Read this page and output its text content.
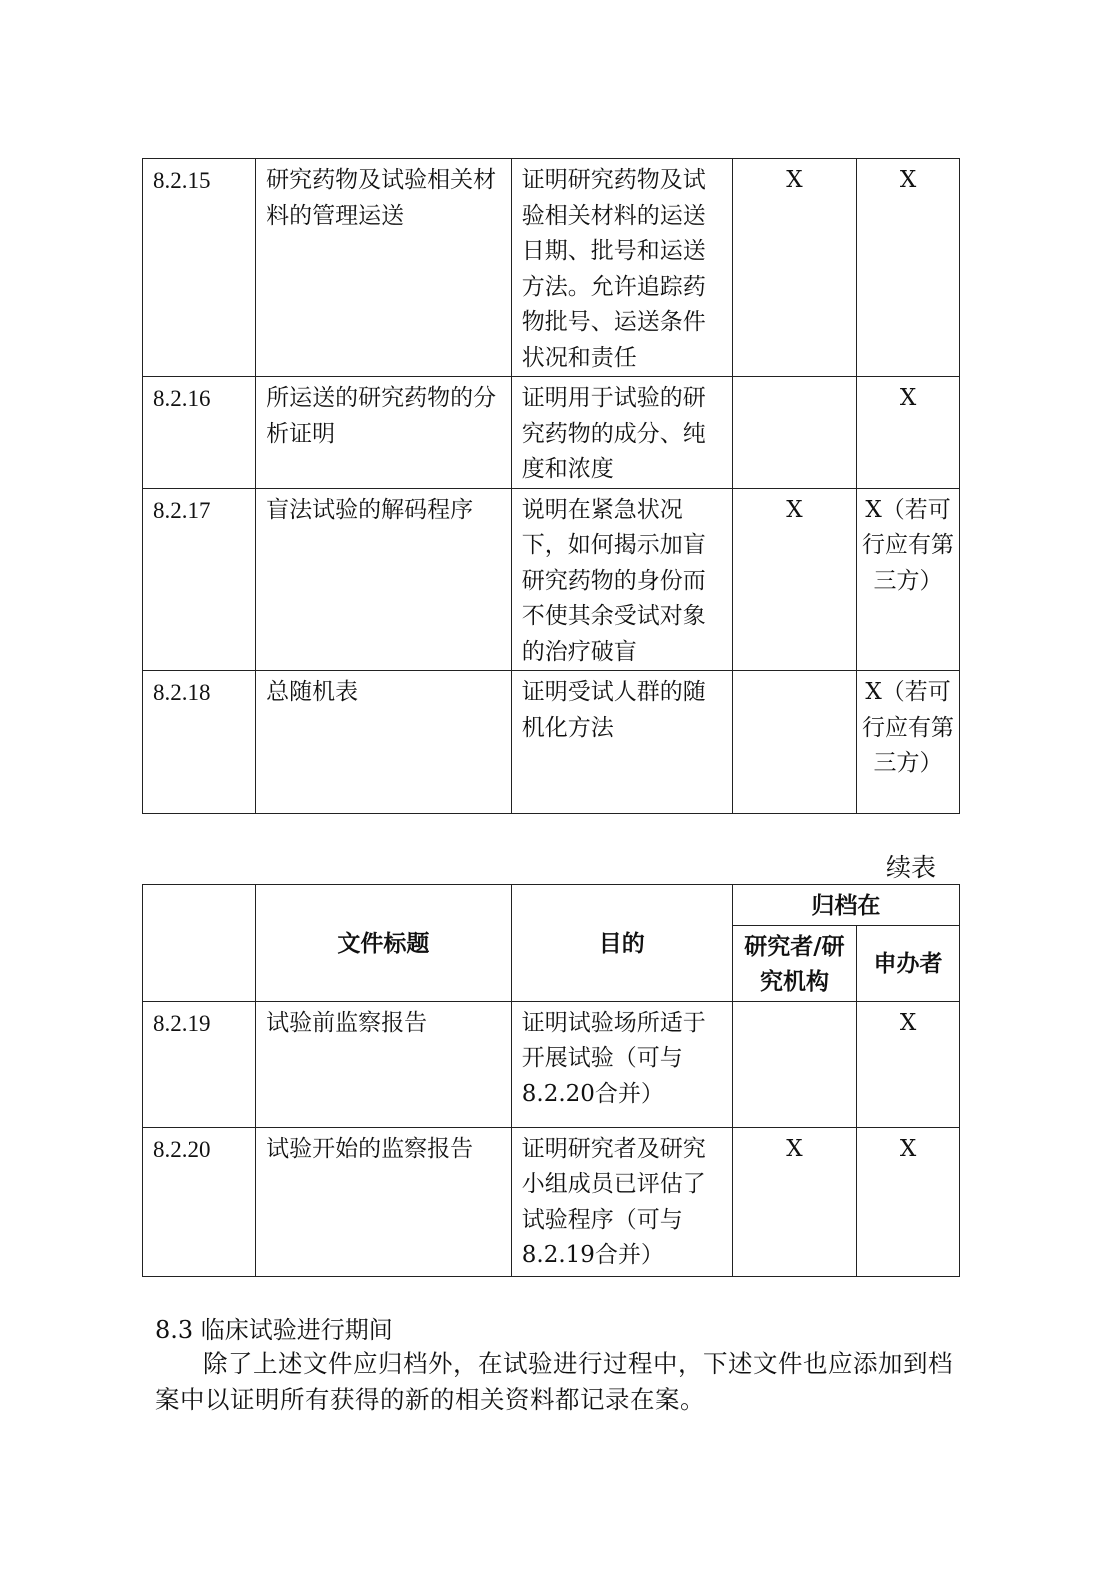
8.2.15	研究药物及试验相关材料的管理运送	证明研究药物及试验相关材料的运送日期、批号和运送方法。允许追踪药物批号、运送条件状况和责任	X	X
8.2.16	所运送的研究药物的分析证明	证明用于试验的研究药物的成分、纯度和浓度		X
8.2.17	盲法试验的解码程序	说明在紧急状况下，如何揭示加盲研究药物的身份而不使其余受试对象的治疗破盲	X	X（若可行应有第三方）
8.2.18	总随机表	证明受试人群的随机化方法		X（若可行应有第三方）
续表
	文件标题	目的	归档在	
			研究者/研究机构	申办者
8.2.19	试验前监察报告	证明试验场所适于开展试验（可与8.2.20合并）		X
8.2.20	试验开始的监察报告	证明研究者及研究小组成员已评估了试验程序（可与8.2.19合并）	X	X
8.3 临床试验进行期间
除了上述文件应归档外，在试验进行过程中，下述文件也应添加到档案中以证明所有获得的新的相关资料都记录在案。
